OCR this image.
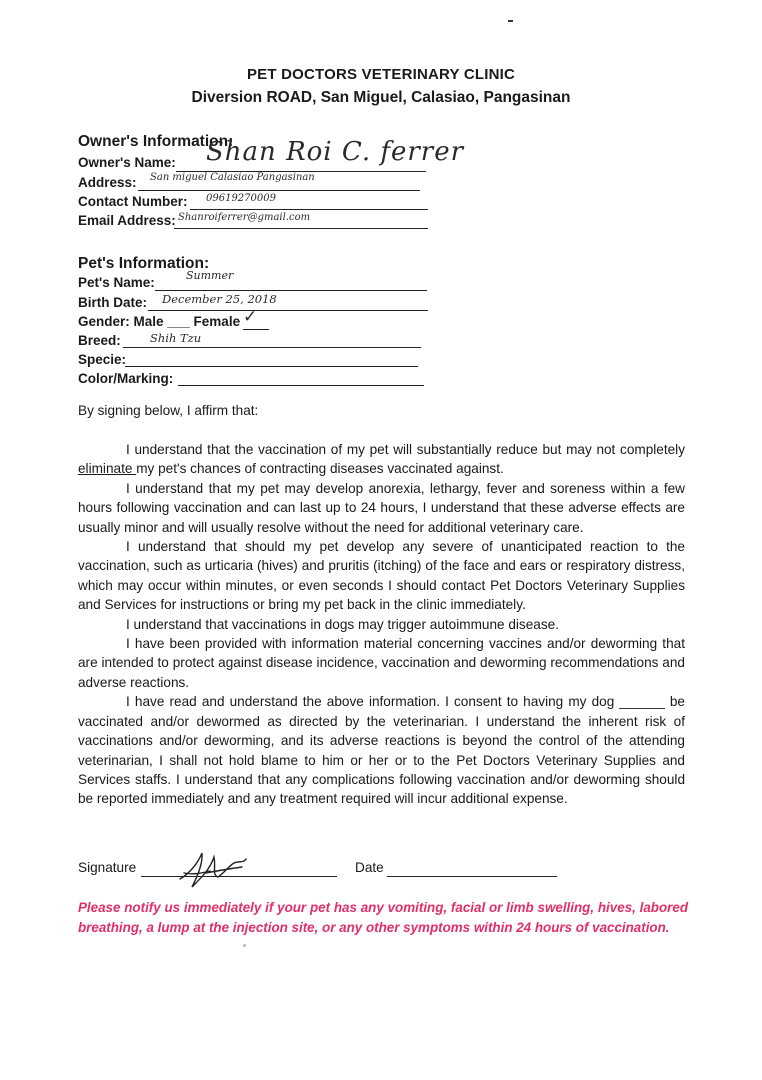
PET DOCTORS VETERINARY CLINIC
Diversion ROAD, San Miguel, Calasiao, Pangasinan
Owner's Information:
Owner's Name: Shan Roi C. ferrer
Address: San miguel Calasiao Pangasinan
Contact Number: 09619270009
Email Address: Shanroiferrer@gmail.com
Pet's Information:
Pet's Name:	Summer
Birth Date: December 25, 2018
Gender: Male ___ Female ✓
Breed:	Shih Tzu
Specie:
Color/Marking:
By signing below, I affirm that:

I understand that the vaccination of my pet will substantially reduce but may not completely eliminate my pet's chances of contracting diseases vaccinated against.

I understand that my pet may develop anorexia, lethargy, fever and soreness within a few hours following vaccination and can last up to 24 hours, I understand that these adverse effects are usually minor and will usually resolve without the need for additional veterinary care.

I understand that should my pet develop any severe of unanticipated reaction to the vaccination, such as urticaria (hives) and pruritis (itching) of the face and ears or respiratory distress, which may occur within minutes, or even seconds I should contact Pet Doctors Veterinary Supplies and Services for instructions or bring my pet back in the clinic immediately.

I understand that vaccinations in dogs may trigger autoimmune disease.

I have been provided with information material concerning vaccines and/or deworming that are intended to protect against disease incidence, vaccination and deworming recommendations and adverse reactions.

I have read and understand the above information. I consent to having my dog ______ be vaccinated and/or dewormed as directed by the veterinarian. I understand the inherent risk of vaccinations and/or deworming, and its adverse reactions is beyond the control of the attending veterinarian, I shall not hold blame to him or her or to the Pet Doctors Veterinary Supplies and Services staffs. I understand that any complications following vaccination and/or deworming should be reported immediately and any treatment required will incur additional expense.

Signature	Date
Please notify us immediately if your pet has any vomiting, facial or limb swelling, hives, labored breathing, a lump at the injection site, or any other symptoms within 24 hours of vaccination.
